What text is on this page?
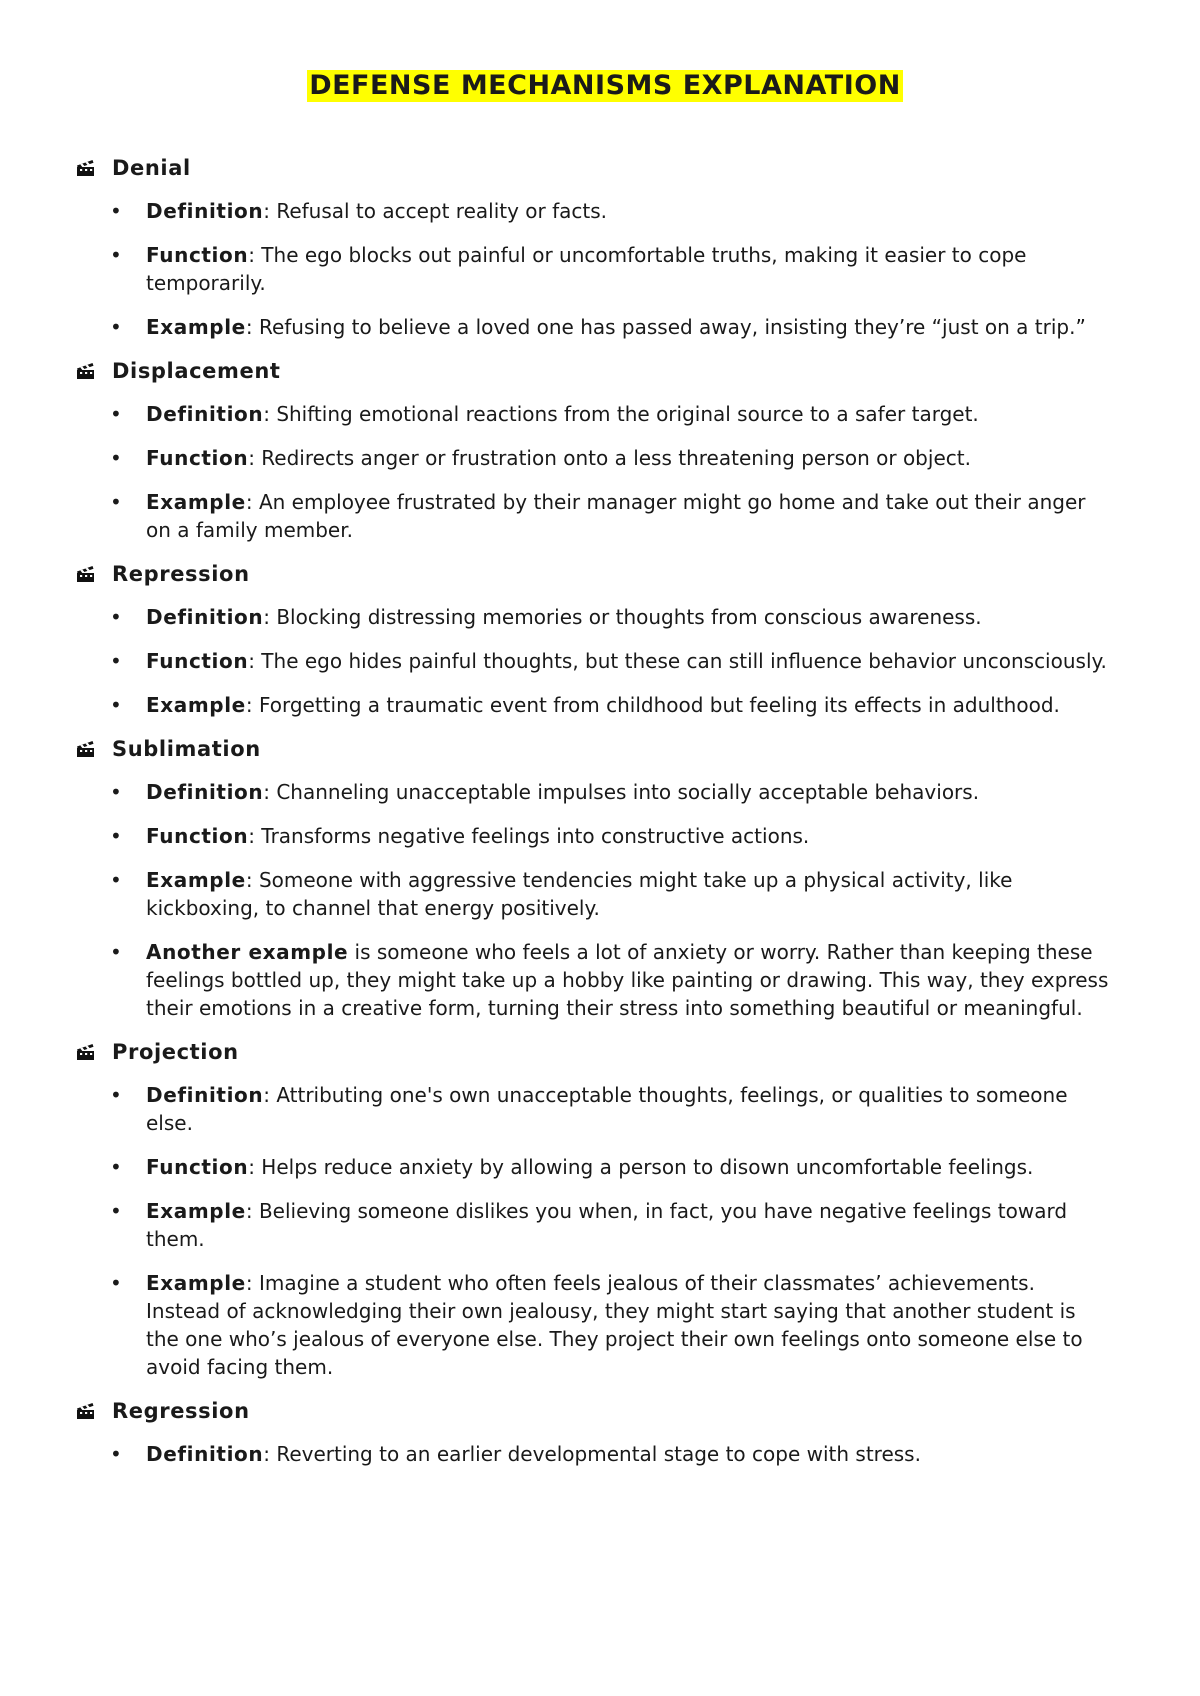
DEFENSE MECHANISMS EXPLANATION
Denial
• Definition: Refusal to accept reality or facts.
• Function: The ego blocks out painful or uncomfortable truths, making it easier to cope temporarily.
• Example: Refusing to believe a loved one has passed away, insisting they’re “just on a trip.”
Displacement
• Definition: Shifting emotional reactions from the original source to a safer target.
• Function: Redirects anger or frustration onto a less threatening person or object.
• Example: An employee frustrated by their manager might go home and take out their anger on a family member.
Repression
• Definition: Blocking distressing memories or thoughts from conscious awareness.
• Function: The ego hides painful thoughts, but these can still influence behavior unconsciously.
• Example: Forgetting a traumatic event from childhood but feeling its effects in adulthood.
Sublimation
• Definition: Channeling unacceptable impulses into socially acceptable behaviors.
• Function: Transforms negative feelings into constructive actions.
• Example: Someone with aggressive tendencies might take up a physical activity, like kickboxing, to channel that energy positively.
• Another example is someone who feels a lot of anxiety or worry. Rather than keeping these feelings bottled up, they might take up a hobby like painting or drawing. This way, they express their emotions in a creative form, turning their stress into something beautiful or meaningful.
Projection
• Definition: Attributing one's own unacceptable thoughts, feelings, or qualities to someone else.
• Function: Helps reduce anxiety by allowing a person to disown uncomfortable feelings.
• Example: Believing someone dislikes you when, in fact, you have negative feelings toward them.
• Example: Imagine a student who often feels jealous of their classmates’ achievements. Instead of acknowledging their own jealousy, they might start saying that another student is the one who’s jealous of everyone else. They project their own feelings onto someone else to avoid facing them.
Regression
• Definition: Reverting to an earlier developmental stage to cope with stress.
